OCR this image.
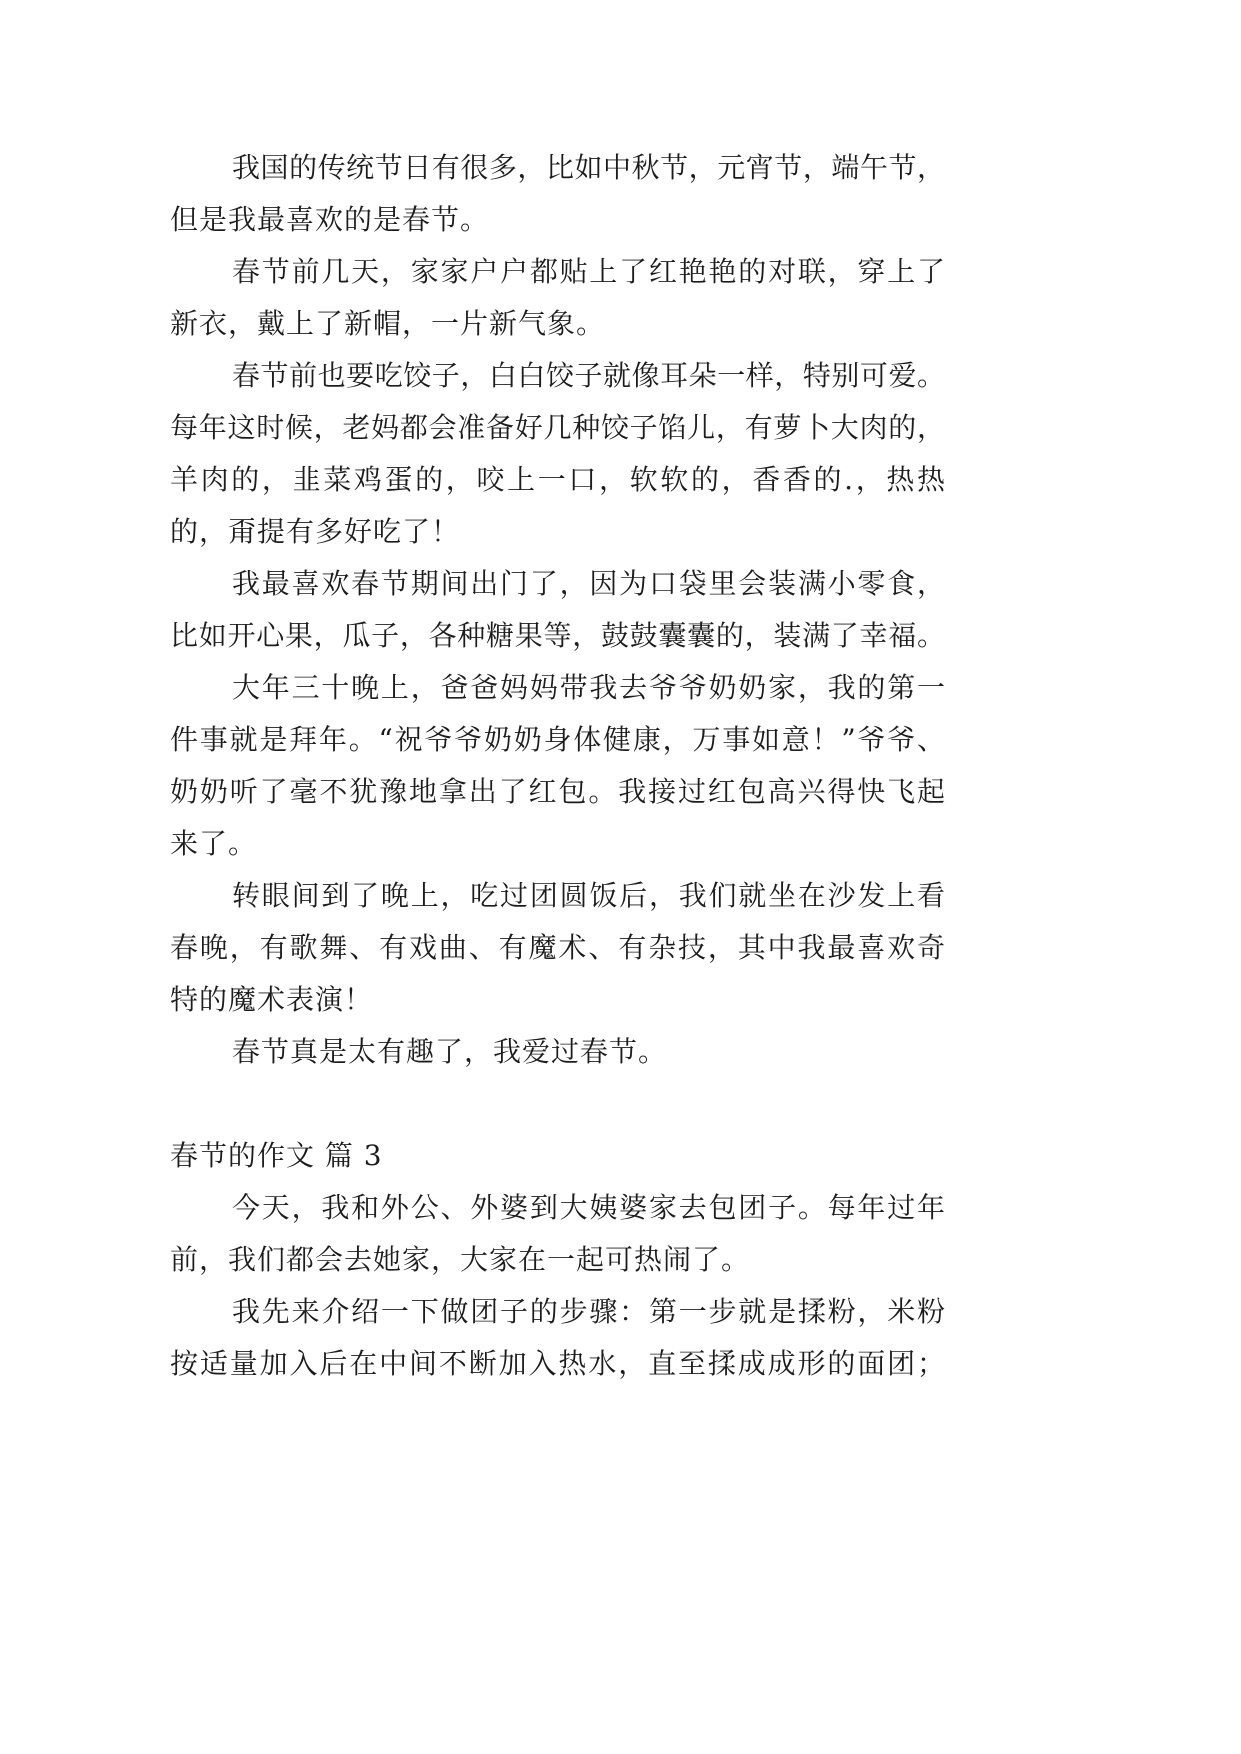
我国的传统节日有很多，比如中秋节，元宵节，端午节，
但是我最喜欢的是春节。
春节前几天，家家户户都贴上了红艳艳的对联，穿上了
新衣，戴上了新帽，一片新气象。
春节前也要吃饺子，白白饺子就像耳朵一样，特别可爱。
每年这时候，老妈都会准备好几种饺子馅儿，有萝卜大肉的，
羊肉的，韭菜鸡蛋的，咬上一口，软软的，香香的.，热热
的，甭提有多好吃了！
我最喜欢春节期间出门了，因为口袋里会装满小零食，
比如开心果，瓜子，各种糖果等，鼓鼓囊囊的，装满了幸福。
大年三十晚上，爸爸妈妈带我去爷爷奶奶家，我的第一
件事就是拜年。“祝爷爷奶奶身体健康，万事如意！”爷爷、
奶奶听了毫不犹豫地拿出了红包。我接过红包高兴得快飞起
来了。
转眼间到了晚上，吃过团圆饭后，我们就坐在沙发上看
春晚，有歌舞、有戏曲、有魔术、有杂技，其中我最喜欢奇
特的魔术表演！
春节真是太有趣了，我爱过春节。
春节的作文 篇 3
今天，我和外公、外婆到大姨婆家去包团子。每年过年
前，我们都会去她家，大家在一起可热闹了。
我先来介绍一下做团子的步骤：第一步就是揉粉，米粉
按适量加入后在中间不断加入热水，直至揉成成形的面团；
